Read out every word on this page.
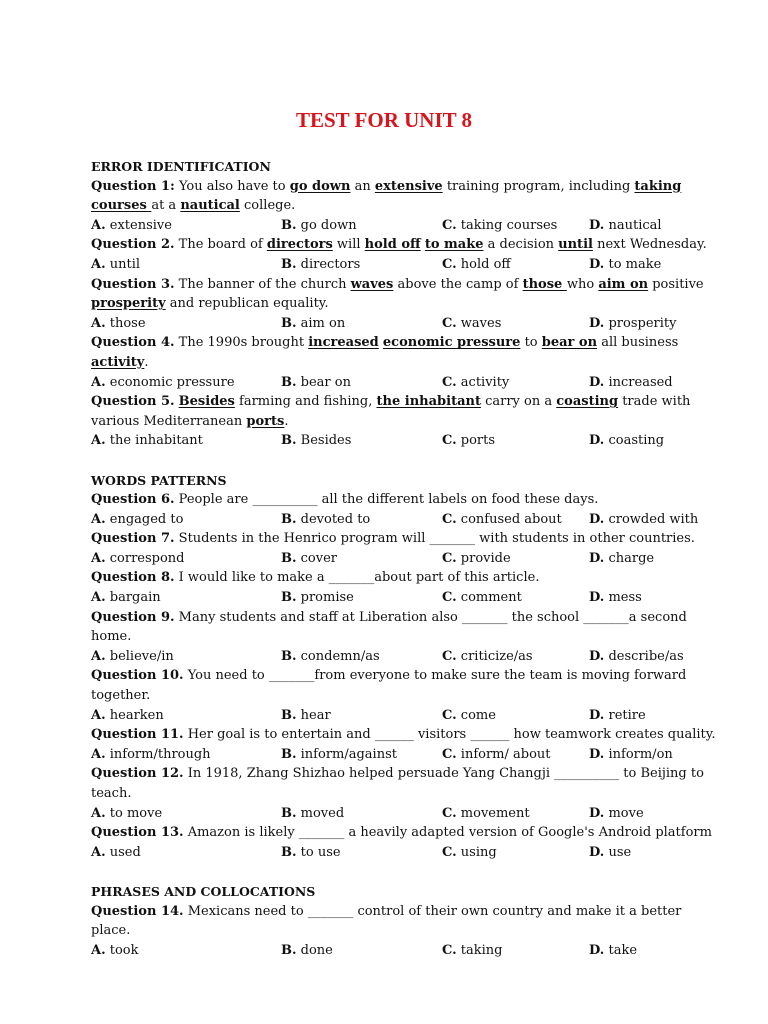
TEST FOR UNIT 8
ERROR IDENTIFICATION
Question 1: You also have to go down an extensive training program, including taking courses at a nautical college.
A. extensive	B. go down	C. taking courses	D. nautical
Question 2. The board of directors will hold off to make a decision until next Wednesday.
A. until	B. directors	C. hold off	D. to make
Question 3. The banner of the church waves above the camp of those who aim on positive prosperity and republican equality.
A. those	B. aim on	C. waves	D. prosperity
Question 4. The 1990s brought increased economic pressure to bear on all business activity.
A. economic pressure	B. bear on	C. activity	D. increased
Question 5. Besides farming and fishing, the inhabitant carry on a coasting trade with various Mediterranean ports.
A. the inhabitant	B. Besides	C. ports	D. coasting
WORDS PATTERNS
Question 6. People are __________ all the different labels on food these days.
A. engaged to	B. devoted to	C. confused about	D. crowded with
Question 7. Students in the Henrico program will _______ with students in other countries.
A. correspond	B. cover	C. provide	D. charge
Question 8. I would like to make a _______about part of this article.
A. bargain	B. promise	C. comment	D. mess
Question 9. Many students and staff at Liberation also _______ the school _______a second home.
A. believe/in	B. condemn/as	C. criticize/as	D. describe/as
Question 10. You need to _______from everyone to make sure the team is moving forward together.
A. hearken	B. hear	C. come	D. retire
Question 11. Her goal is to entertain and ______ visitors ______ how teamwork creates quality.
A. inform/through	B. inform/against	C. inform/ about	D. inform/on
Question 12. In 1918, Zhang Shizhao helped persuade Yang Changji __________ to Beijing to teach.
A. to move	B. moved	C. movement	D. move
Question 13. Amazon is likely _______ a heavily adapted version of Google's Android platform
A. used	B. to use	C. using	D. use
PHRASES AND COLLOCATIONS
Question 14. Mexicans need to _______ control of their own country and make it a better place.
A. took	B. done	C. taking	D. take
